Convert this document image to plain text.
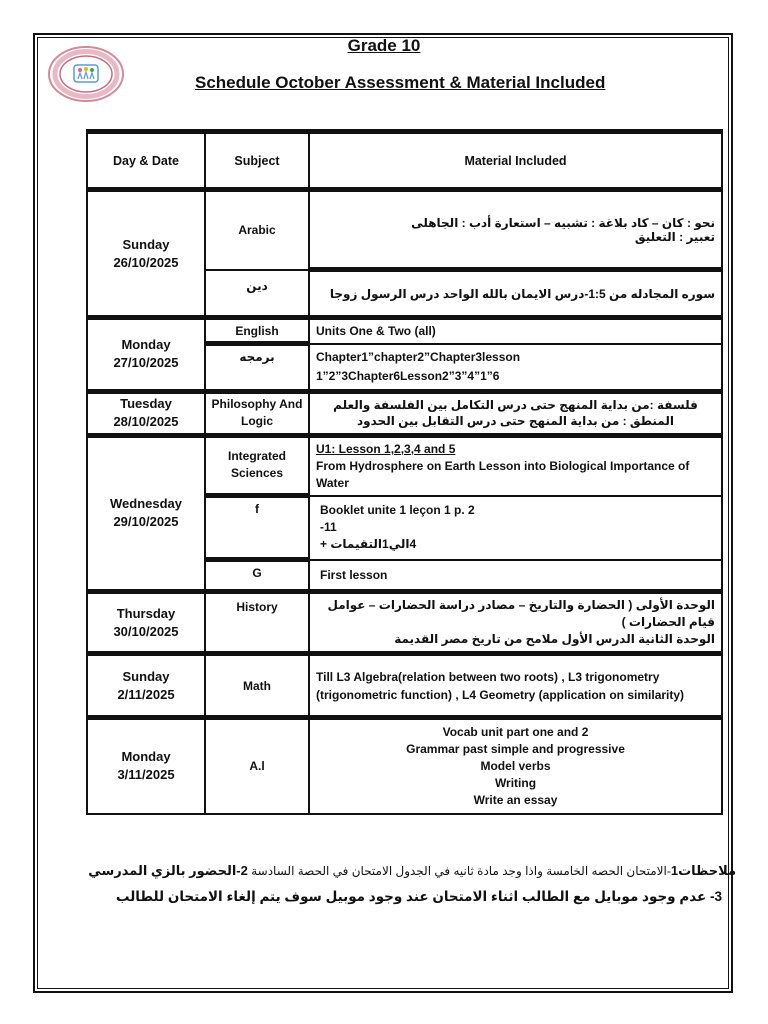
Grade 10
Schedule October Assessment & Material Included
Day & Date	Subject	Material Included

Sunday
26/10/2025	Arabic	نحو : كان – كاد بلاغة : تشبيه – استعارة أدب : الجاهلى
تعبير : التعليق

	دين	سوره المجادله من 1:5-درس الايمان بالله الواحد درس الرسول زوجا

Monday
27/10/2025	English	Units One & Two (all)
	برمجه	Chapter1”chapter2”Chapter3lesson
1”2”3Chapter6Lesson2”3”4”1”6

Tuesday
28/10/2025	Philosophy And Logic	فلسفة :من بداية المنهج حتى درس التكامل بين الفلسفة والعلم
المنطق : من بداية المنهج حتى درس التقابل بين الحدود

Wednesday
29/10/2025	Integrated Sciences	U1: Lesson 1,2,3,4 and 5
From Hydrosphere on Earth Lesson into Biological Importance of Water

	f	Booklet unite 1 leçon 1 p. 2
-11
4الي1التقيمات +

	G	First lesson

Thursday
30/10/2025	History	الوحدة الأولى ( الحضارة والتاريخ – مصادر دراسة الحضارات – عوامل قيام الحضارات )
الوحدة الثانية الدرس الأول ملامح من تاريخ مصر القديمة

Sunday
2/11/2025	Math	Till L3 Algebra(relation between two roots) , L3 trigonometry (trigonometric function) , L4 Geometry (application on similarity)

Monday
3/11/2025	A.l	Vocab unit part one and 2
Grammar past simple and progressive
Model verbs
Writing
Write an essay
ملاحظات1-الامتحان الحصه الخامسة واذا وجد مادة ثانيه في الجدول الامتحان في الحصة السادسة 2-الحضور بالزي المدرسي
3- عدم وجود موبايل مع الطالب اثناء الامتحان عند وجود موبيل سوف يتم إلغاء الامتحان للطالب
